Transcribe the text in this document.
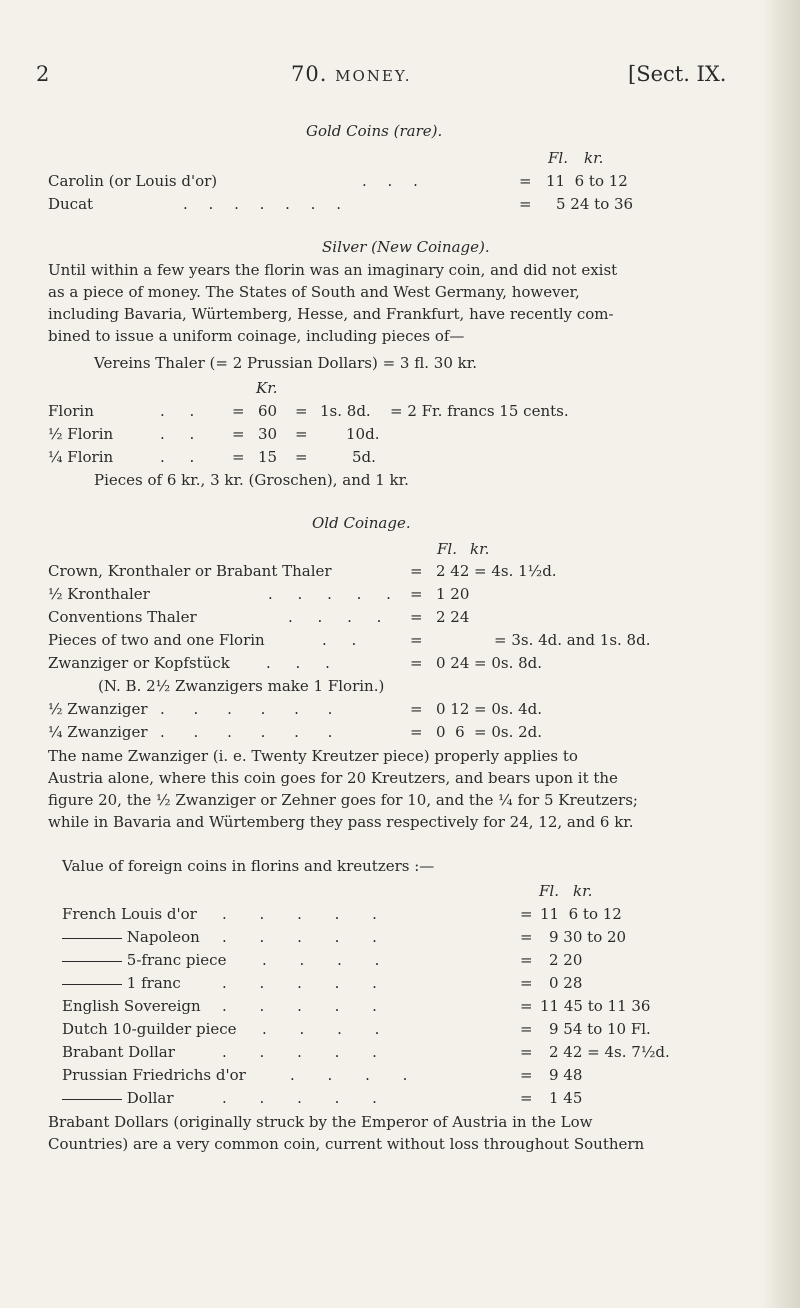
2	70. MONEY.	[Sect. IX.
Gold Coins (rare).
Fl. kr.
Carolin (or Louis d'or)	. . .	= 11  6 to 12
Ducat	. . . . . . .	= 5 24 to 36
Silver (New Coinage).
Until within a few years the florin was an imaginary coin, and did not exist
as a piece of money. The States of South and West Germany, however,
including Bavaria, Würtemberg, Hesse, and Frankfurt, have recently com-
bined to issue a uniform coinage, including pieces of—
Vereins Thaler (= 2 Prussian Dollars) = 3 fl. 30 kr.
Kr.
Florin	. . = 60 = 1s. 8d. = 2 Fr. francs 15 cents.
½ Florin	. . = 30 =	10d.
¼ Florin	. . = 15 =	5d.
Pieces of 6 kr., 3 kr. (Groschen), and 1 kr.
Old Coinage.
Fl. kr.
Crown, Kronthaler or Brabant Thaler	= 2 42 = 4s. 1½d.
½ Kronthaler	. . . . . = 1 20
Conventions Thaler	. . . . = 2 24
Pieces of two and one Florin	. .	=	= 3s. 4d. and 1s. 8d.
Zwanziger or Kopfstück . . .	= 0 24 = 0s. 8d.
(N. B. 2½ Zwanzigers make 1 Florin.)
½ Zwanziger . . . . . .	= 0 12 = 0s. 4d.
¼ Zwanziger . . . . . .	= 0  6 = 0s. 2d.
The name Zwanziger (i. e. Twenty Kreutzer piece) properly applies to
Austria alone, where this coin goes for 20 Kreutzers, and bears upon it the
figure 20, the ½ Zwanziger or Zehner goes for 10, and the ¼ for 5 Kreutzers;
while in Bavaria and Würtemberg they pass respectively for 24, 12, and 6 kr.
Value of foreign coins in florins and kreutzers :—
Fl. kr.
French Louis d'or . . . . .	= 11  6 to 12
Napoleon . . . . .	= 9 30 to 20
5-franc piece . . . .	= 2 20
1 franc	. . . . .	= 0 28
English Sovereign . . . . .	= 11 45 to 11 36
Dutch 10-guilder piece . . . .	= 9 54 to 10 Fl.
Brabant Dollar	. . . . .	= 2 42 = 4s. 7½d.
Prussian Friedrichs d'or	. . . .	= 9 48
Dollar	. . . . .	= 1 45
Brabant Dollars (originally struck by the Emperor of Austria in the Low
Countries) are a very common coin, current without loss throughout Southern
